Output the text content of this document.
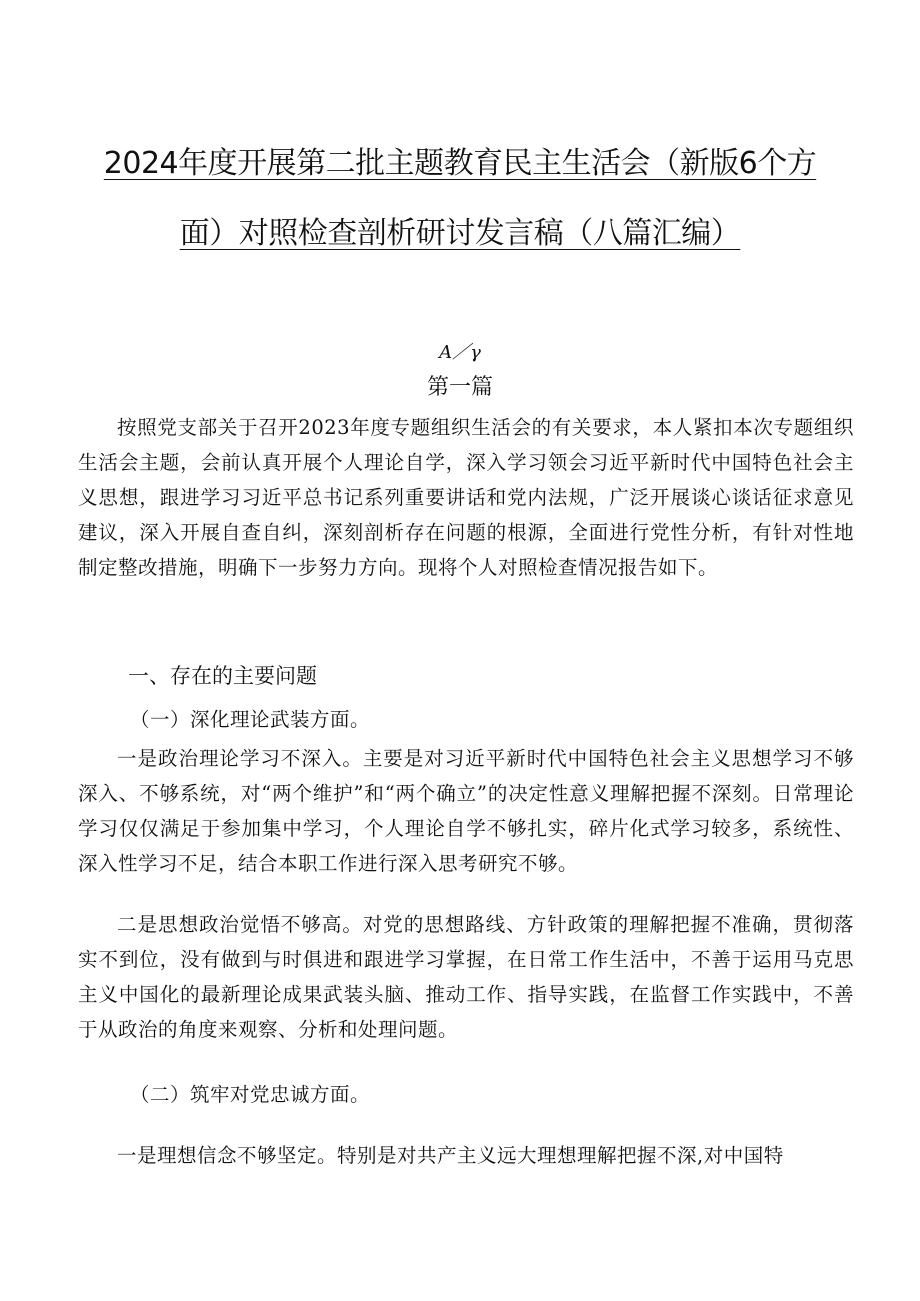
2024年度开展第二批主题教育民主生活会（新版6个方
面）对照检查剖析研讨发言稿（八篇汇编）
A／γ
第一篇
按照党支部关于召开2023年度专题组织生活会的有关要求，本人紧扣本次专题组织生活会主题，会前认真开展个人理论自学，深入学习领会习近平新时代中国特色社会主义思想，跟进学习习近平总书记系列重要讲话和党内法规，广泛开展谈心谈话征求意见建议，深入开展自查自纠，深刻剖析存在问题的根源，全面进行党性分析，有针对性地制定整改措施，明确下一步努力方向。现将个人对照检查情况报告如下。
一、存在的主要问题
（一）深化理论武装方面。
一是政治理论学习不深入。主要是对习近平新时代中国特色社会主义思想学习不够深入、不够系统，对“两个维护”和“两个确立”的决定性意义理解把握不深刻。日常理论学习仅仅满足于参加集中学习，个人理论自学不够扎实，碎片化式学习较多，系统性、深入性学习不足，结合本职工作进行深入思考研究不够。
二是思想政治觉悟不够高。对党的思想路线、方针政策的理解把握不准确，贯彻落实不到位，没有做到与时俱进和跟进学习掌握，在日常工作生活中，不善于运用马克思主义中国化的最新理论成果武装头脑、推动工作、指导实践，在监督工作实践中，不善于从政治的角度来观察、分析和处理问题。
（二）筑牢对党忠诚方面。
一是理想信念不够坚定。特别是对共产主义远大理想理解把握不深,对中国特
